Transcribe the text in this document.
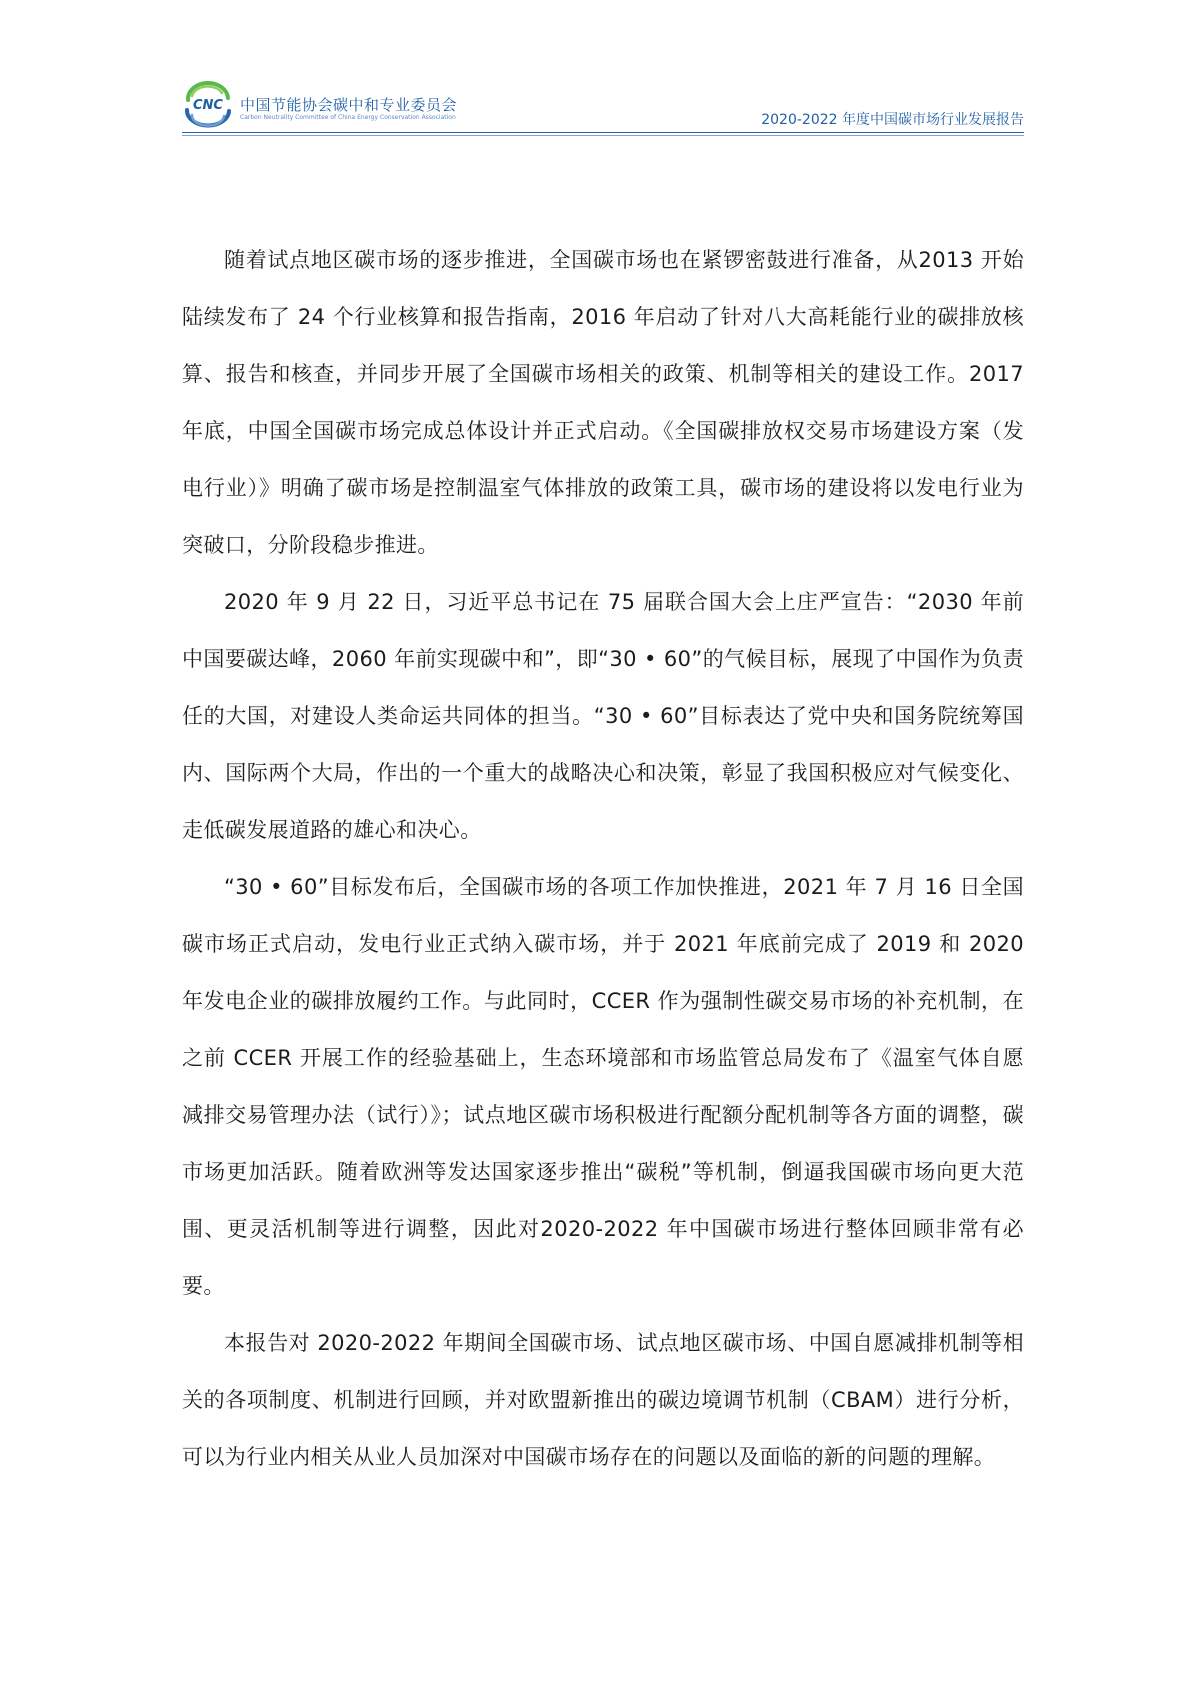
CNC 中国节能协会碳中和专业委员会
Carbon Neutrality Committee of China Energy Conservation Association	2020-2022 年度中国碳市场行业发展报告

随着试点地区碳市场的逐步推进，全国碳市场也在紧锣密鼓进行准备，从2013 开始陆续发布了 24 个行业核算和报告指南，2016 年启动了针对八大高耗能行业的碳排放核算、报告和核查，并同步开展了全国碳市场相关的政策、机制等相关的建设工作。2017 年底，中国全国碳市场完成总体设计并正式启动。《全国碳排放权交易市场建设方案（发电行业）》明确了碳市场是控制温室气体排放的政策工具，碳市场的建设将以发电行业为突破口，分阶段稳步推进。

2020 年 9 月 22 日，习近平总书记在 75 届联合国大会上庄严宣告：“2030 年前中国要碳达峰，2060 年前实现碳中和”，即“30 • 60”的气候目标，展现了中国作为负责任的大国，对建设人类命运共同体的担当。“30 • 60”目标表达了党中央和国务院统筹国内、国际两个大局，作出的一个重大的战略决心和决策，彰显了我国积极应对气候变化、走低碳发展道路的雄心和决心。

“30 • 60”目标发布后，全国碳市场的各项工作加快推进，2021 年 7 月 16 日全国碳市场正式启动，发电行业正式纳入碳市场，并于 2021 年底前完成了 2019 和 2020 年发电企业的碳排放履约工作。与此同时，CCER 作为强制性碳交易市场的补充机制，在之前 CCER 开展工作的经验基础上，生态环境部和市场监管总局发布了《温室气体自愿减排交易管理办法（试行）》；试点地区碳市场积极进行配额分配机制等各方面的调整，碳市场更加活跃。随着欧洲等发达国家逐步推出“碳税”等机制，倒逼我国碳市场向更大范围、更灵活机制等进行调整，因此对2020-2022 年中国碳市场进行整体回顾非常有必要。

本报告对 2020-2022 年期间全国碳市场、试点地区碳市场、中国自愿减排机制等相关的各项制度、机制进行回顾，并对欧盟新推出的碳边境调节机制（CBAM）进行分析，可以为行业内相关从业人员加深对中国碳市场存在的问题以及面临的新的问题的理解。
